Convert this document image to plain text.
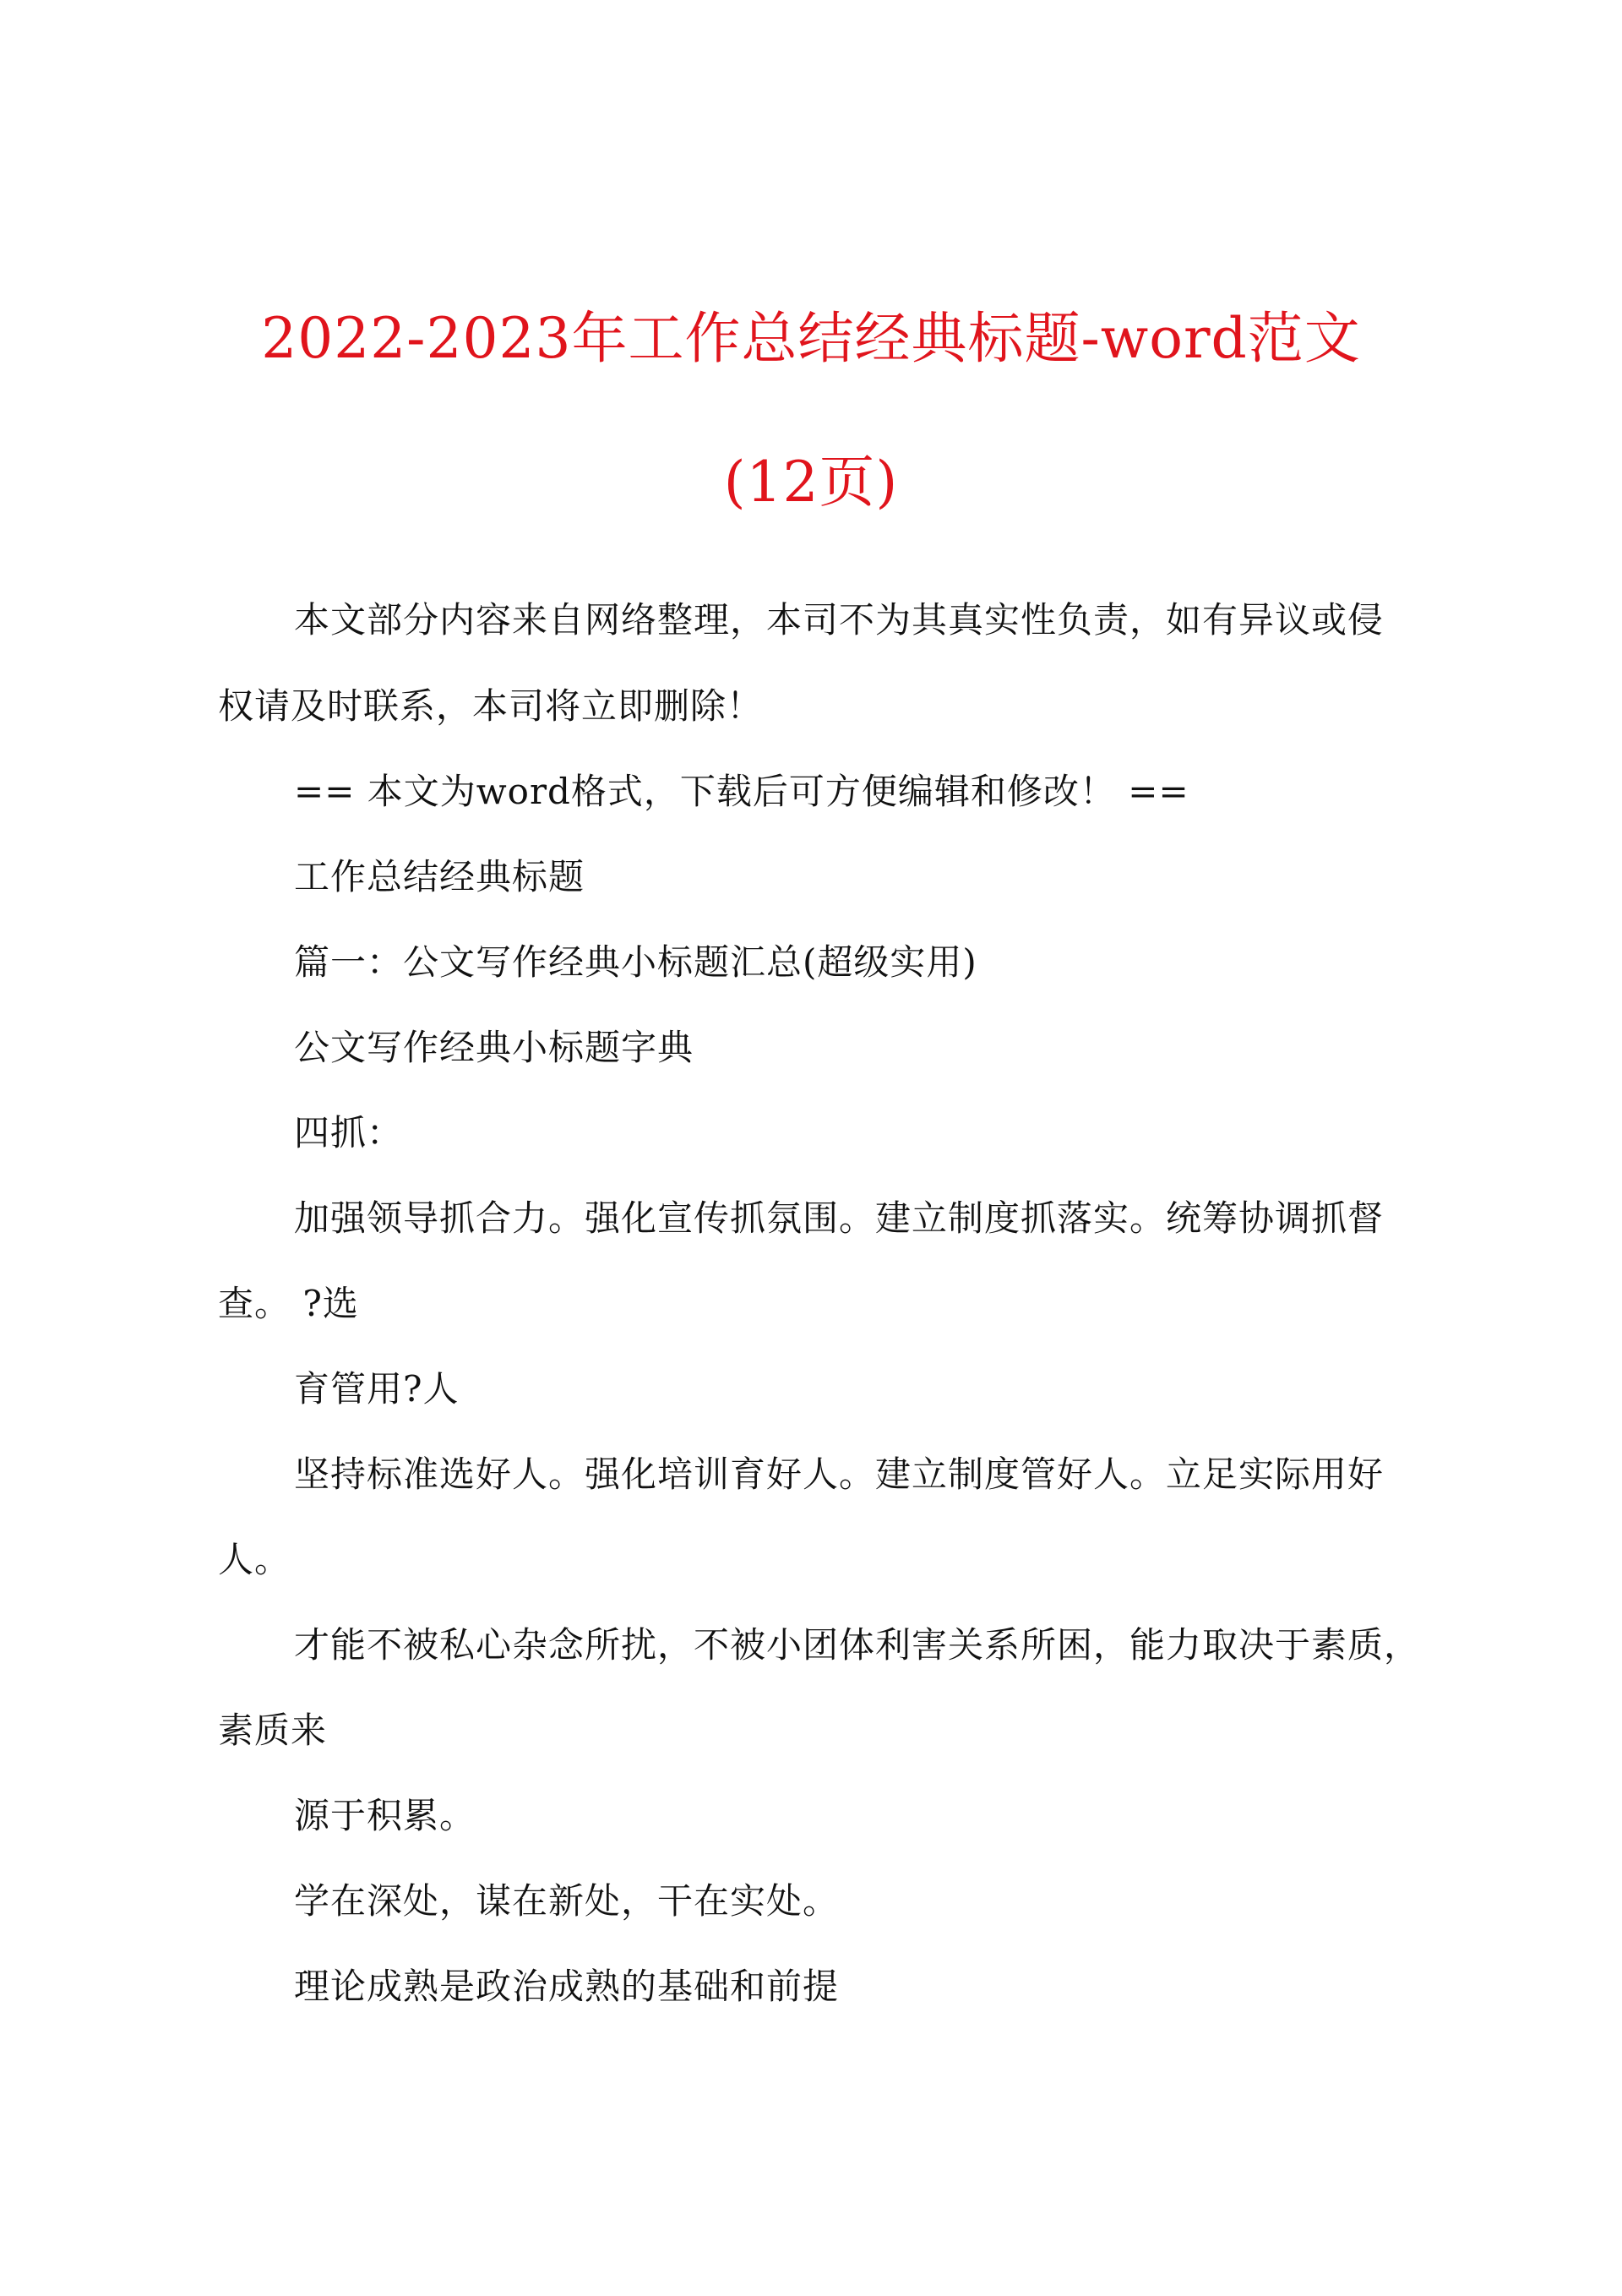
2022-2023年工作总结经典标题-word范文
(12页)
本文部分内容来自网络整理，本司不为其真实性负责，如有异议或侵
权请及时联系，本司将立即删除！
== 本文为word格式，下载后可方便编辑和修改！ ==
工作总结经典标题
篇一：公文写作经典小标题汇总(超级实用)
公文写作经典小标题字典
四抓：
加强领导抓合力。强化宣传抓氛围。建立制度抓落实。统筹协调抓督
查。 ?选
育管用?人
坚持标准选好人。强化培训育好人。建立制度管好人。立足实际用好
人。
才能不被私心杂念所扰，不被小团体利害关系所困，能力取决于素质，
素质来
源于积累。
学在深处，谋在新处，干在实处。
理论成熟是政治成熟的基础和前提
